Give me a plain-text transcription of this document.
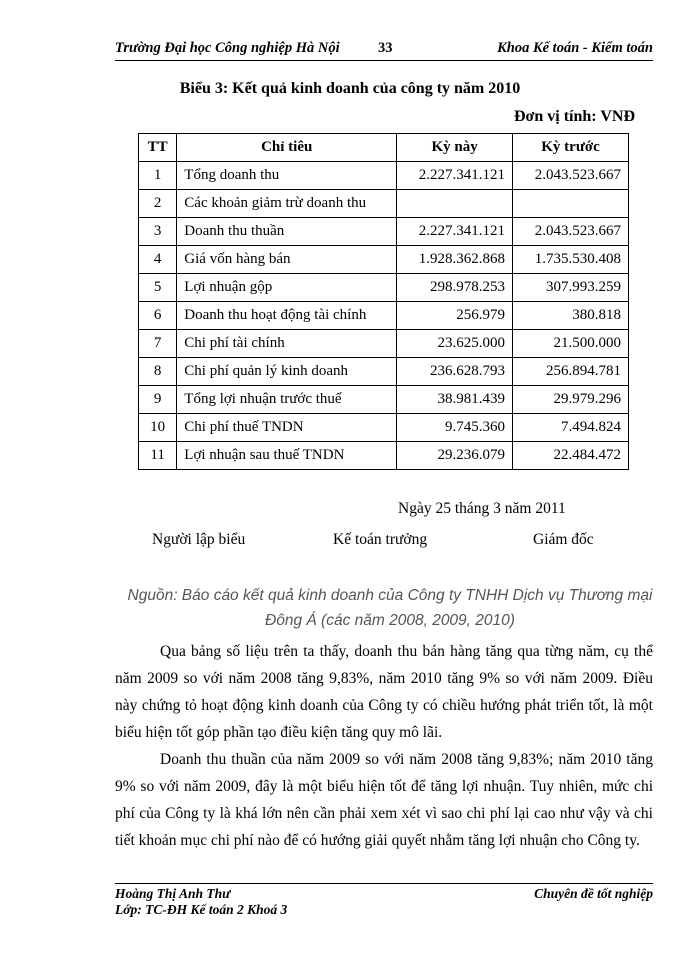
Trường Đại học Công nghiệp Hà Nội	33	Khoa Kế toán - Kiểm toán
Biểu 3: Kết quả kinh doanh của công ty năm 2010
Đơn vị tính: VNĐ
TT	Chỉ tiêu	Kỳ này	Kỳ trước
1	Tổng doanh thu	2.227.341.121	2.043.523.667
2	Các khoản giảm trừ doanh thu		
3	Doanh thu thuần	2.227.341.121	2.043.523.667
4	Giá vốn hàng bán	1.928.362.868	1.735.530.408
5	Lợi nhuận gộp	298.978.253	307.993.259
6	Doanh thu hoạt động tài chính	256.979	380.818
7	Chi phí tài chính	23.625.000	21.500.000
8	Chi phí quản lý kinh doanh	236.628.793	256.894.781
9	Tổng lợi nhuận trước thuế	38.981.439	29.979.296
10	Chi phí thuế TNDN	9.745.360	7.494.824
11	Lợi nhuận sau thuế TNDN	29.236.079	22.484.472
Ngày 25 tháng 3 năm 2011
Người lập biểu	Kế toán trưởng	Giám đốc
Nguồn: Báo cáo kết quả kinh doanh của Công ty TNHH Dịch vụ Thương mại Đông Á (các năm 2008, 2009, 2010)
Qua bảng số liệu trên ta thấy, doanh thu bán hàng tăng qua từng năm, cụ thể năm 2009 so với năm 2008 tăng 9,83%, năm 2010 tăng 9% so với năm 2009. Điều này chứng tỏ hoạt động kinh doanh của Công ty có chiều hướng phát triển tốt, là một biểu hiện tốt góp phần tạo điều kiện tăng quy mô lãi.
Doanh thu thuần của năm 2009 so với năm 2008 tăng 9,83%; năm 2010 tăng 9% so với năm 2009, đây là một biểu hiện tốt để tăng lợi nhuận. Tuy nhiên, mức chi phí của Công ty là khá lớn nên cần phải xem xét vì sao chi phí lại cao như vậy và chi tiết khoản mục chi phí nào để có hướng giải quyết nhằm tăng lợi nhuận cho Công ty.
Hoàng Thị Anh Thư	Chuyên đề tốt nghiệp
Lớp: TC-ĐH Kế toán 2 Khoá 3
